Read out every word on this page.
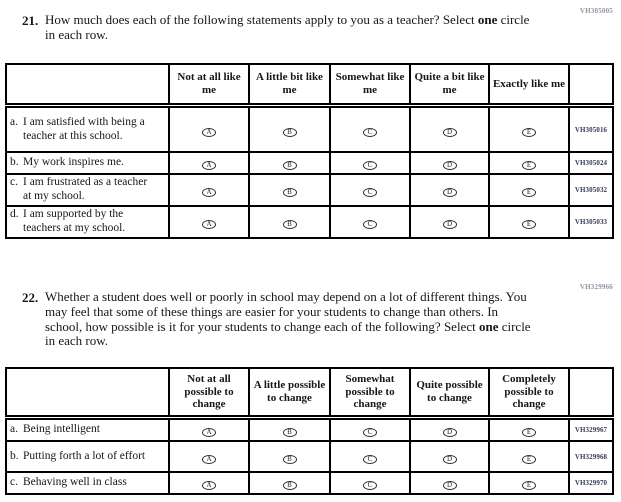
VH305005
21. How much does each of the following statements apply to you as a teacher? Select one circle in each row.
	Not at all like me	A little bit like me	Somewhat like me	Quite a bit like me	Exactly like me	
a. I am satisfied with being a teacher at this school.	A	B	C	D	E	VH305016
b. My work inspires me.	A	B	C	D	E	VH305024
c. I am frustrated as a teacher at my school.	A	B	C	D	E	VH305032
d. I am supported by the teachers at my school.	A	B	C	D	E	VH305033
VH329966
22. Whether a student does well or poorly in school may depend on a lot of different things. You may feel that some of these things are easier for your students to change than others. In school, how possible is it for your students to change each of the following? Select one circle in each row.
	Not at all possible to change	A little possible to change	Somewhat possible to change	Quite possible to change	Completely possible to change	
a. Being intelligent	A	B	C	D	E	VH329967
b. Putting forth a lot of effort	A	B	C	D	E	VH329968
c. Behaving well in class	A	B	C	D	E	VH329970
